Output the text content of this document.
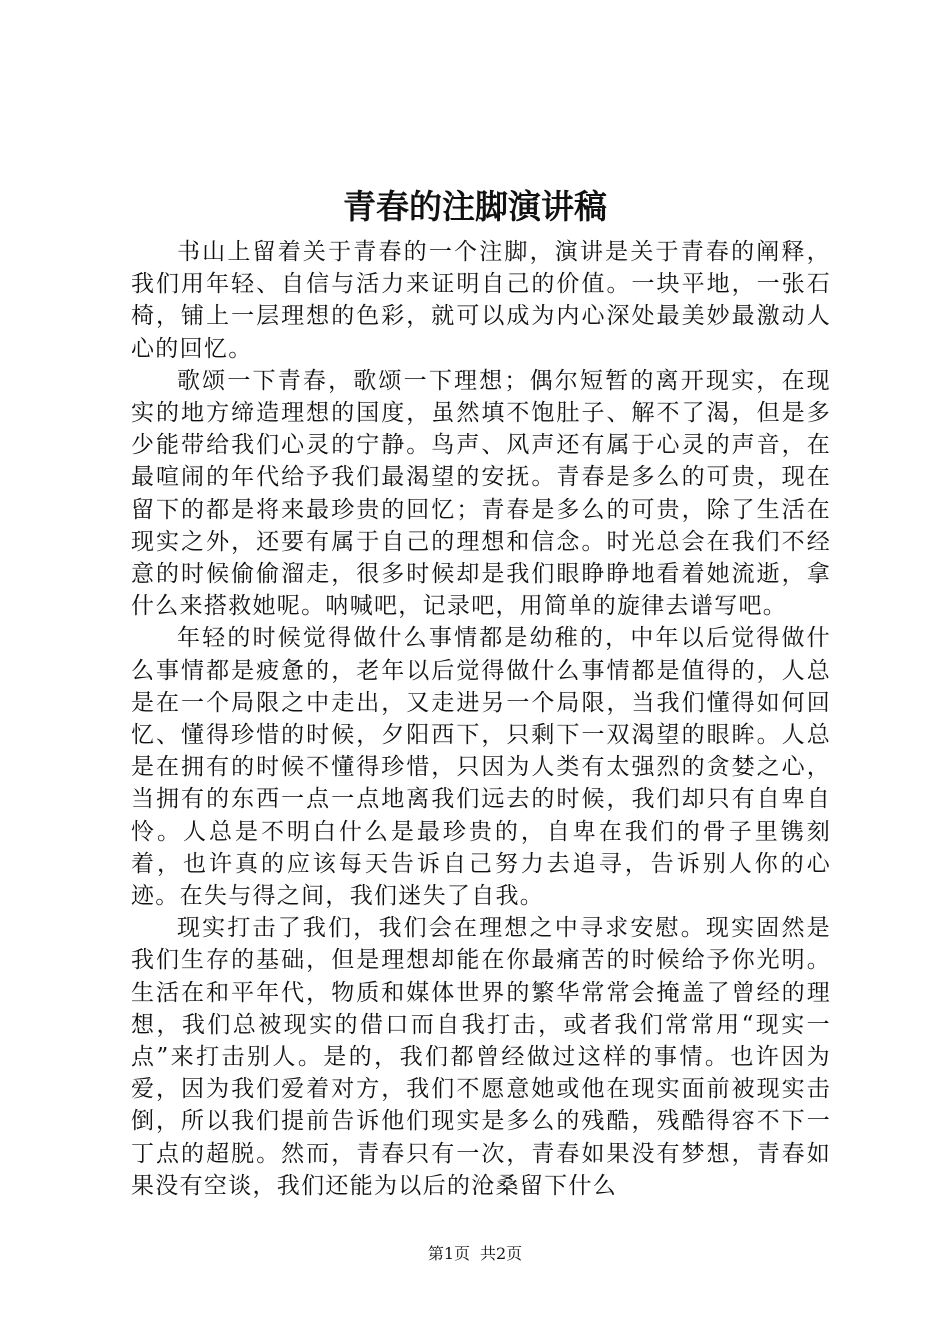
青春的注脚演讲稿

书山上留着关于青春的一个注脚，演讲是关于青春的阐释，我们用年轻、自信与活力来证明自己的价值。一块平地，一张石椅，铺上一层理想的色彩，就可以成为内心深处最美妙最激动人心的回忆。

歌颂一下青春，歌颂一下理想；偶尔短暂的离开现实，在现实的地方缔造理想的国度，虽然填不饱肚子、解不了渴，但是多少能带给我们心灵的宁静。鸟声、风声还有属于心灵的声音，在最喧闹的年代给予我们最渴望的安抚。青春是多么的可贵，现在留下的都是将来最珍贵的回忆；青春是多么的可贵，除了生活在现实之外，还要有属于自己的理想和信念。时光总会在我们不经意的时候偷偷溜走，很多时候却是我们眼睁睁地看着她流逝，拿什么来搭救她呢。呐喊吧，记录吧，用简单的旋律去谱写吧。

年轻的时候觉得做什么事情都是幼稚的，中年以后觉得做什么事情都是疲惫的，老年以后觉得做什么事情都是值得的，人总是在一个局限之中走出，又走进另一个局限，当我们懂得如何回忆、懂得珍惜的时候，夕阳西下，只剩下一双渴望的眼眸。人总是在拥有的时候不懂得珍惜，只因为人类有太强烈的贪婪之心，当拥有的东西一点一点地离我们远去的时候，我们却只有自卑自怜。人总是不明白什么是最珍贵的，自卑在我们的骨子里镌刻着，也许真的应该每天告诉自己努力去追寻，告诉别人你的心迹。在失与得之间，我们迷失了自我。

现实打击了我们，我们会在理想之中寻求安慰。现实固然是我们生存的基础，但是理想却能在你最痛苦的时候给予你光明。生活在和平年代，物质和媒体世界的繁华常常会掩盖了曾经的理想，我们总被现实的借口而自我打击，或者我们常常用“现实一点”来打击别人。是的，我们都曾经做过这样的事情。也许因为爱，因为我们爱着对方，我们不愿意她或他在现实面前被现实击倒，所以我们提前告诉他们现实是多么的残酷，残酷得容不下一丁点的超脱。然而，青春只有一次，青春如果没有梦想，青春如果没有空谈，我们还能为以后的沧桑留下什么

第1页 共2页
